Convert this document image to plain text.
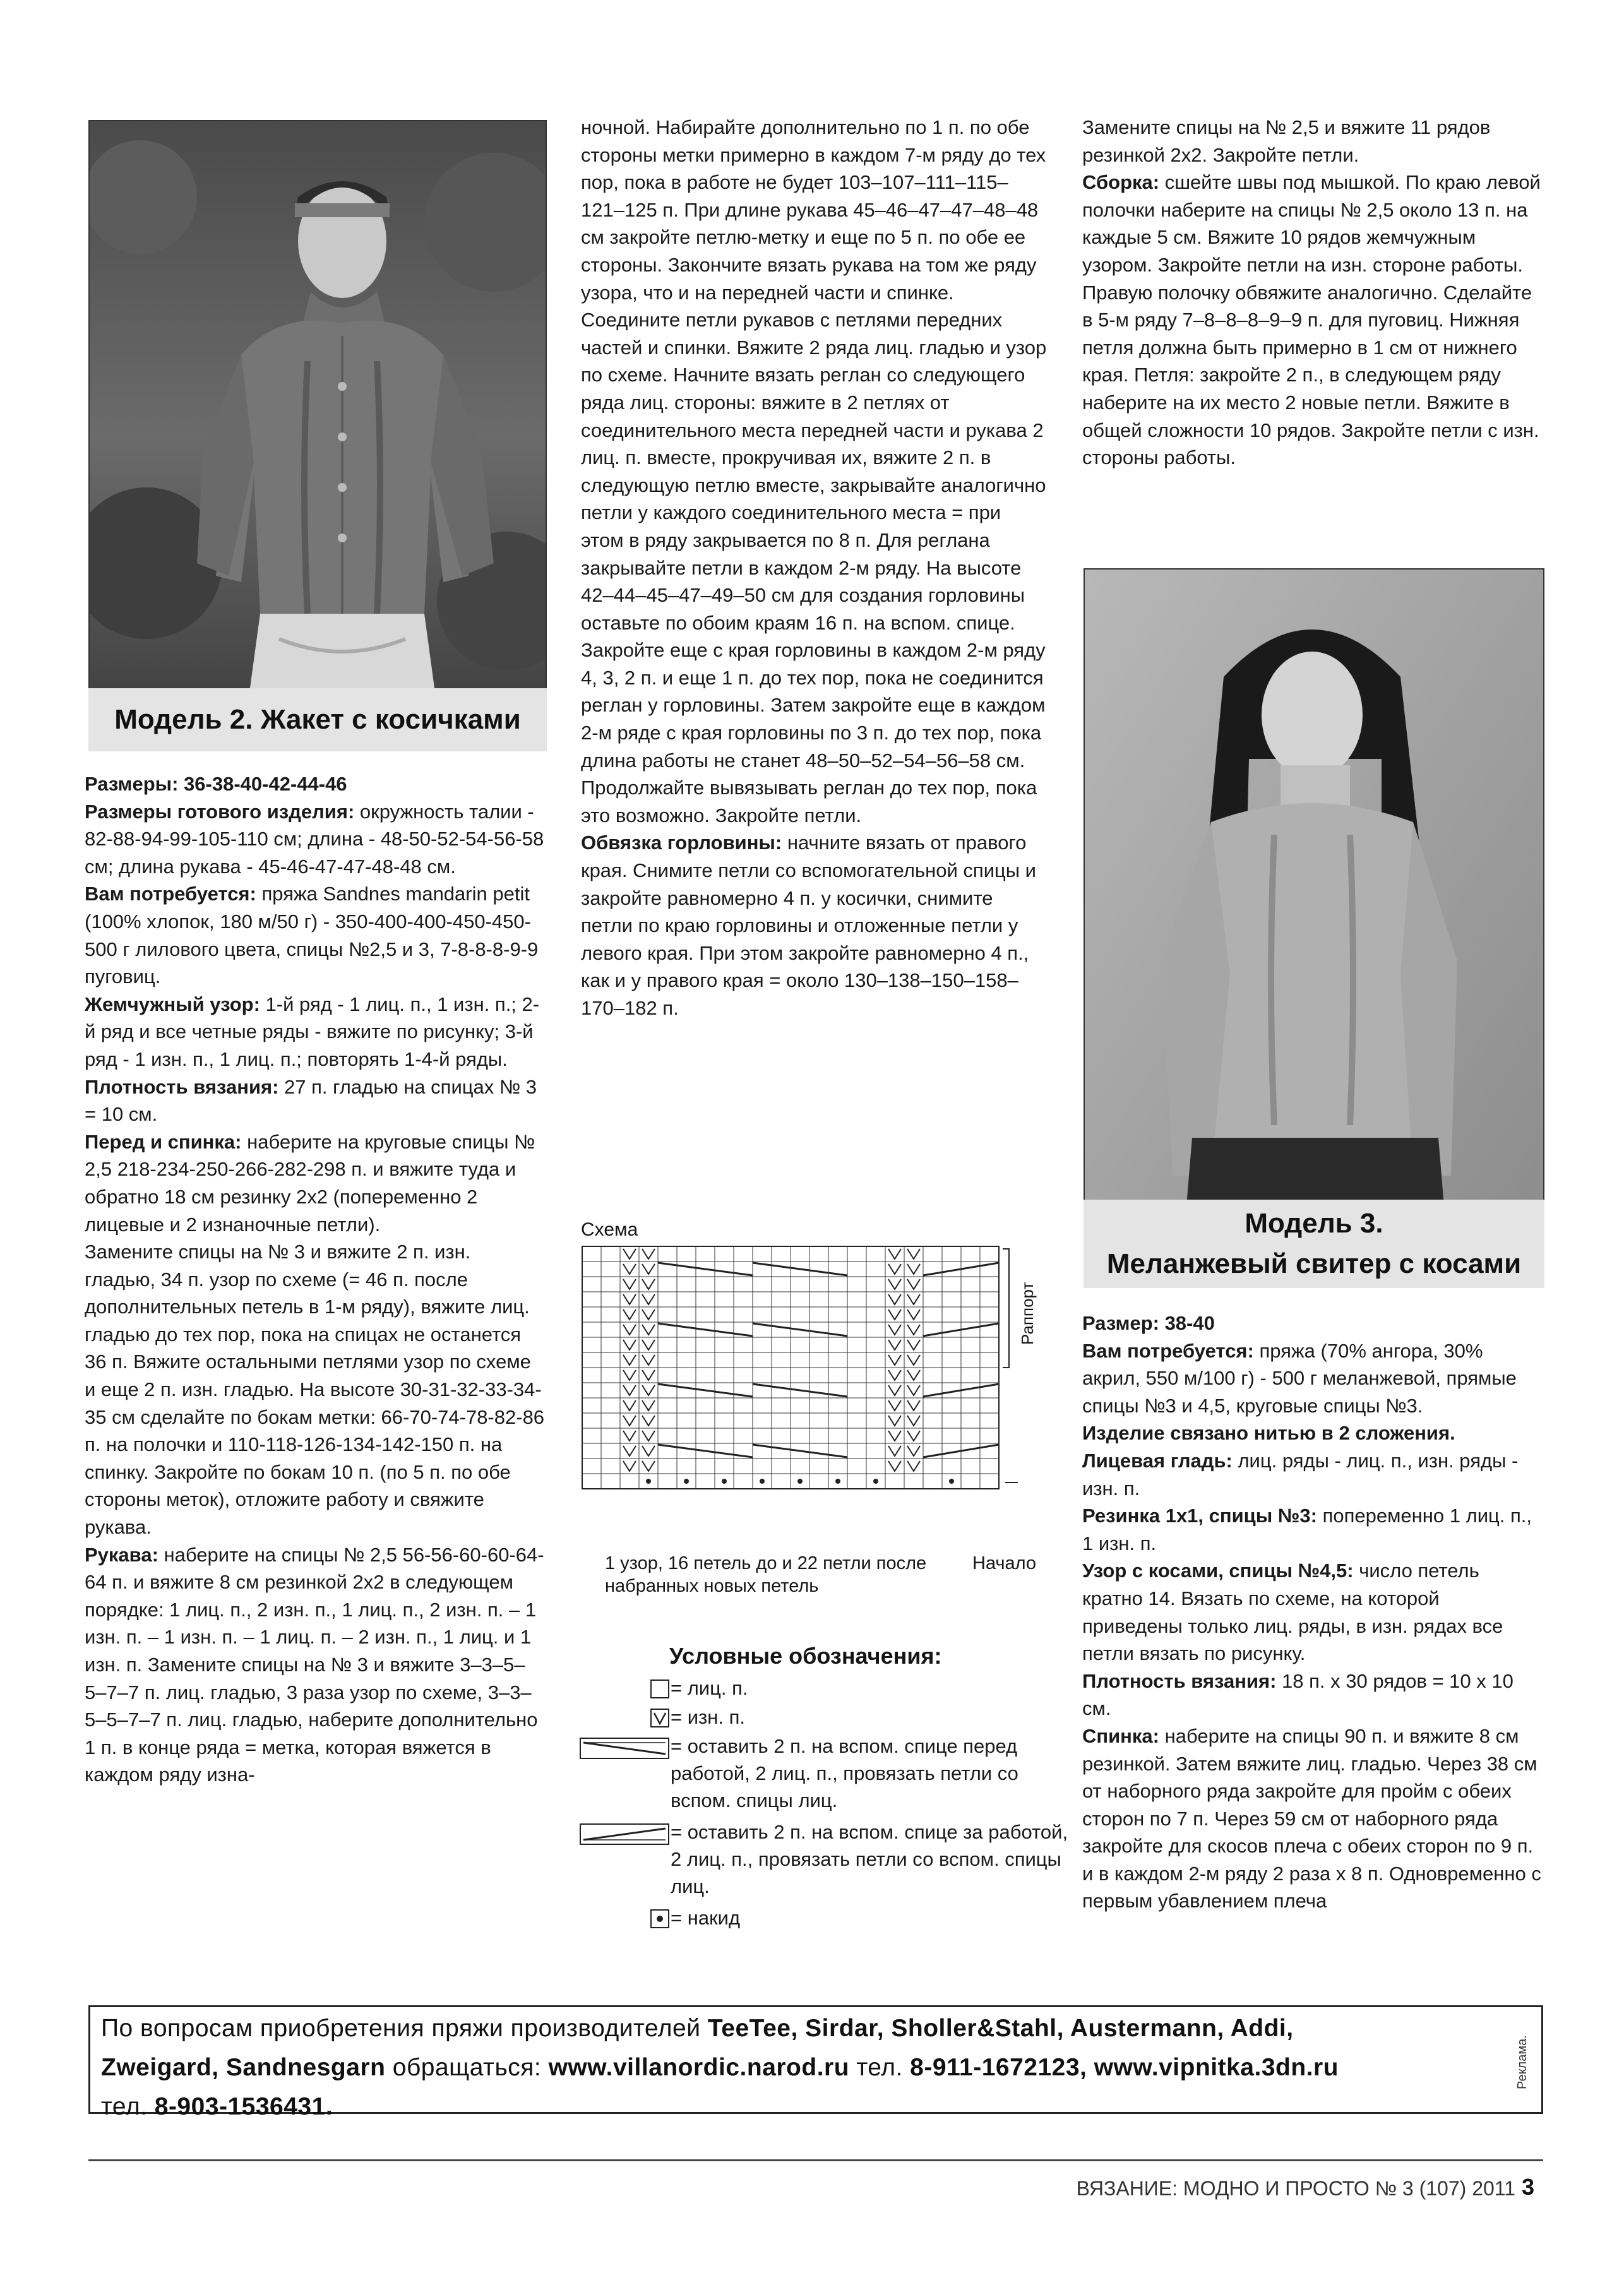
Модель 2. Жакет с косичками

Размеры: 36-38-40-42-44-46

Размеры готового изделия: окружность талии - 82-88-94-99-105-110 см; длина - 48-50-52-54-56-58 см; длина рукава - 45-46-47-47-48-48 см.

Вам потребуется: пряжа Sandnes mandarin petit (100% хлопок, 180 м/50 г) - 350-400-400-450-450-500 г лилового цвета, спицы №2,5 и 3, 7-8-8-8-9-9 пуговиц.

Жемчужный узор: 1-й ряд - 1 лиц. п., 1 изн. п.; 2-й ряд и все четные ряды - вяжите по рисунку; 3-й ряд - 1 изн. п., 1 лиц. п.; повторять 1-4-й ряды.

Плотность вязания: 27 п. гладью на спицах № 3 = 10 см.

Перед и спинка: наберите на круговые спицы № 2,5 218-234-250-266-282-298 п. и вяжите туда и обратно 18 см резинку 2x2 (попеременно 2 лицевые и 2 изнаночные петли).

Замените спицы на № 3 и вяжите 2 п. изн. гладью, 34 п. узор по схеме (= 46 п. после дополнительных петель в 1-м ряду), вяжите лиц. гладью до тех пор, пока на спицах не останется 36 п. Вяжите остальными петлями узор по схеме и еще 2 п. изн. гладью. На высоте 30-31-32-33-34-35 см сделайте по бокам метки: 66-70-74-78-82-86 п. на полочки и 110-118-126-134-142-150 п. на спинку. Закройте по бокам 10 п. (по 5 п. по обе стороны меток), отложите работу и свяжите рукава.

Рукава: наберите на спицы № 2,5 56-56-60-60-64-64 п. и вяжите 8 см резинкой 2x2 в следующем порядке: 1 лиц. п., 2 изн. п., 1 лиц. п., 2 изн. п. – 1 изн. п. – 1 изн. п. – 1 лиц. п. – 2 изн. п., 1 лиц. и 1 изн. п. Замените спицы на № 3 и вяжите 3–3–5–5–7–7 п. лиц. гладью, 3 раза узор по схеме, 3–3–5–5–7–7 п. лиц. гладью, наберите дополнительно 1 п. в конце ряда = метка, которая вяжется в каждом ряду изна-

ночной. Набирайте дополнительно по 1 п. по обе стороны метки примерно в каждом 7-м ряду до тех пор, пока в работе не будет 103–107–111–115–121–125 п. При длине рукава 45–46–47–47–48–48 см закройте петлю-метку и еще по 5 п. по обе ее стороны. Закончите вязать рукава на том же ряду узора, что и на передней части и спинке.

Соедините петли рукавов с петлями передних частей и спинки. Вяжите 2 ряда лиц. гладью и узор по схеме. Начните вязать реглан со следующего ряда лиц. стороны: вяжите в 2 петлях от соединительного места передней части и рукава 2 лиц. п. вместе, прокручивая их, вяжите 2 п. в следующую петлю вместе, закрывайте аналогично петли у каждого соединительного места = при этом в ряду закрывается по 8 п. Для реглана закрывайте петли в каждом 2-м ряду. На высоте 42–44–45–47–49–50 см для создания горловины оставьте по обоим краям 16 п. на вспом. спице. Закройте еще с края горловины в каждом 2-м ряду 4, 3, 2 п. и еще 1 п. до тех пор, пока не соединится реглан у горловины. Затем закройте еще в каждом 2-м ряде с края горловины по 3 п. до тех пор, пока длина работы не станет 48–50–52–54–56–58 см. Продолжайте вывязывать реглан до тех пор, пока это возможно. Закройте петли.

Обвязка горловины: начните вязать от правого края. Снимите петли со вспомогательной спицы и закройте равномерно 4 п. у косички, снимите петли по краю горловины и отложенные петли у левого края. При этом закройте равномерно 4 п., как и у правого края = около 130–138–150–158–170–182 п.

Схема
Раппорт
1 узор, 16 петель до и 22 петли после набранных новых петель
Начало
Условные обозначения:
= лиц. п.
= изн. п.
= оставить 2 п. на вспом. спице перед работой, 2 лиц. п., провязать петли со вспом. спицы лиц.
= оставить 2 п. на вспом. спице за работой, 2 лиц. п., провязать петли со вспом. спицы лиц.
= накид

Замените спицы на № 2,5 и вяжите 11 рядов резинкой 2x2. Закройте петли.

Сборка: сшейте швы под мышкой. По краю левой полочки наберите на спицы № 2,5 около 13 п. на каждые 5 см. Вяжите 10 рядов жемчужным узором. Закройте петли на изн. стороне работы. Правую полочку обвяжите аналогично. Сделайте в 5-м ряду 7–8–8–8–9–9 п. для пуговиц. Нижняя петля должна быть примерно в 1 см от нижнего края. Петля: закройте 2 п., в следующем ряду наберите на их место 2 новые петли. Вяжите в общей сложности 10 рядов. Закройте петли с изн. стороны работы.

Модель 3.
Меланжевый свитер с косами

Размер: 38-40

Вам потребуется: пряжа (70% ангора, 30% акрил, 550 м/100 г) - 500 г меланжевой, прямые спицы №3 и 4,5, круговые спицы №3.

Изделие связано нитью в 2 сложения.

Лицевая гладь: лиц. ряды - лиц. п., изн. ряды - изн. п.

Резинка 1x1, спицы №3: попеременно 1 лиц. п., 1 изн. п.

Узор с косами, спицы №4,5: число петель кратно 14. Вязать по схеме, на которой приведены только лиц. ряды, в изн. рядах все петли вязать по рисунку.

Плотность вязания: 18 п. x 30 рядов = 10 x 10 см.

Спинка: наберите на спицы 90 п. и вяжите 8 см резинкой. Затем вяжите лиц. гладью. Через 38 см от наборного ряда закройте для пройм с обеих сторон по 7 п. Через 59 см от наборного ряда закройте для скосов плеча с обеих сторон по 9 п. и в каждом 2-м ряду 2 раза x 8 п. Одновременно с первым убавлением плеча

По вопросам приобретения пряжи производителей TeeTee, Sirdar, Sholler&Stahl, Austermann, Addi,
Zweigard, Sandnesgarn обращаться: www.villanordic.narod.ru тел. 8-911-1672123, www.vipnitka.3dn.ru
тел. 8-903-1536431.
Реклама.
ВЯЗАНИЕ: МОДНО И ПРОСТО № 3 (107) 2011 3
